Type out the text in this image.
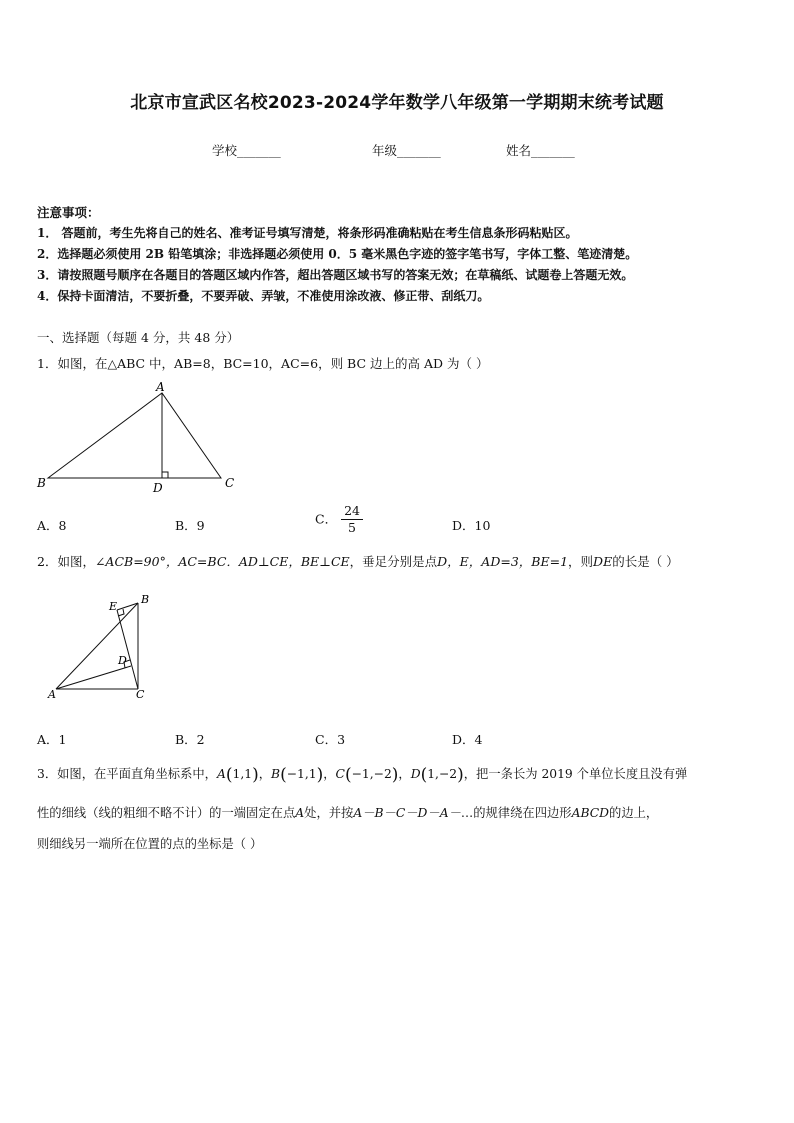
北京市宣武区名校2023-2024学年数学八年级第一学期期末统考试题
学校_______	年级_______	姓名_______
注意事项：
1． 答题前，考生先将自己的姓名、准考证号填写清楚，将条形码准确粘贴在考生信息条形码粘贴区。
2．选择题必须使用 2B 铅笔填涂；非选择题必须使用 0．5 毫米黑色字迹的签字笔书写，字体工整、笔迹清楚。
3．请按照题号顺序在各题目的答题区域内作答，超出答题区域书写的答案无效；在草稿纸、试题卷上答题无效。
4．保持卡面清洁，不要折叠，不要弄破、弄皱，不准使用涂改液、修正带、刮纸刀。
一、选择题（每题 4 分，共 48 分）
1．如图，在△ABC 中，AB=8，BC=10，AC=6，则 BC 边上的高 AD 为（ ）
A
B	C
D
A．8	B．9	C． $\frac{24}{5}$	D．10
2．如图，∠ACB=90°，AC=BC．AD⊥CE，BE⊥CE，垂足分别是点D，E，AD=3，BE=1，则DE的长是（ ）
E
B
D
A	C
A．1	B．2	C．3	D．4
3．如图，在平面直角坐标系中，A(1,1)，B(−1,1)，C(−1,−2)，D(1,−2)，把一条长为 2019 个单位长度且没有弹
性的细线（线的粗细不略不计）的一端固定在点A处，并按A－B－C－D－A－…的规律绕在四边形ABCD的边上，
则细线另一端所在位置的点的坐标是（ ）
